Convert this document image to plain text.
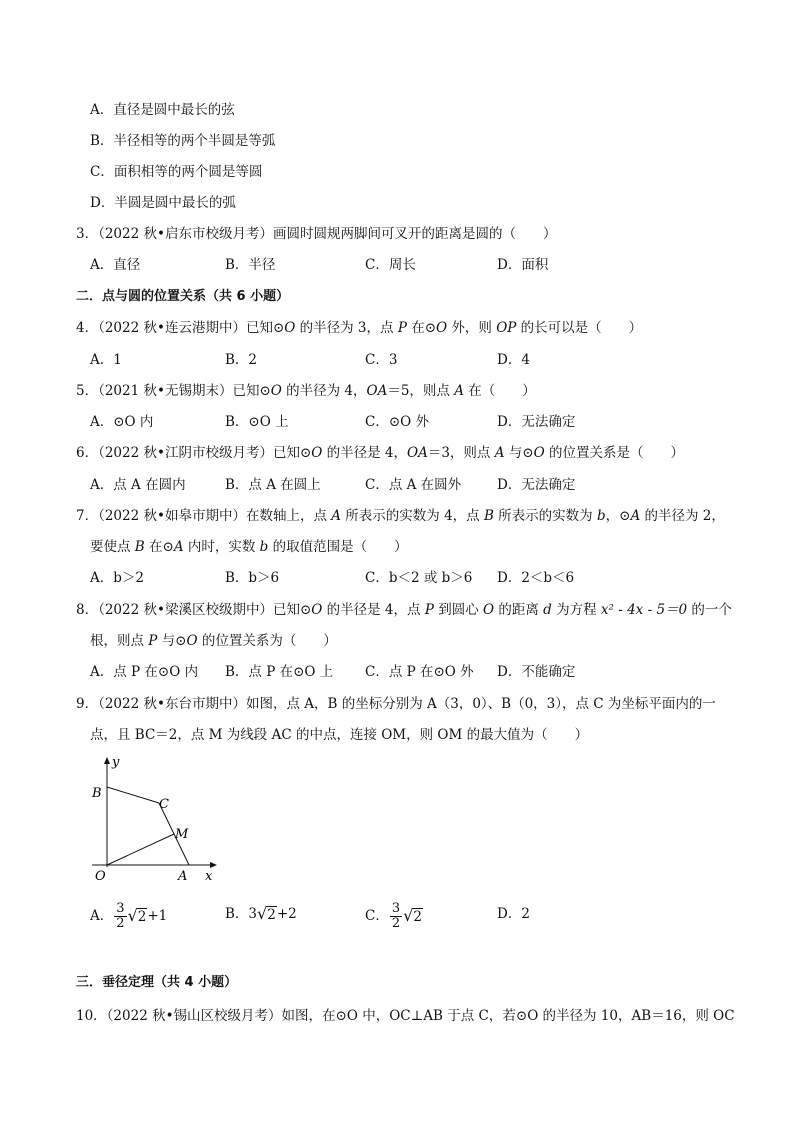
A．直径是圆中最长的弦
B．半径相等的两个半圆是等弧
C．面积相等的两个圆是等圆
D．半圆是圆中最长的弧
3．（2022 秋•启东市校级月考）画圆时圆规两脚间可叉开的距离是圆的（　　）
A．直径	B．半径	C．周长	D．面积
二．点与圆的位置关系（共 6 小题）
4．（2022 秋•连云港期中）已知⊙O 的半径为 3，点 P 在⊙O 外，则 OP 的长可以是（　　）
A．1	B．2	C．3	D．4
5．（2021 秋•无锡期末）已知⊙O 的半径为 4，OA＝5，则点 A 在（　　）
A．⊙O 内	B．⊙O 上	C．⊙O 外	D．无法确定
6．（2022 秋•江阴市校级月考）已知⊙O 的半径是 4，OA＝3，则点 A 与⊙O 的位置关系是（　　）
A．点 A 在圆内	B．点 A 在圆上	C．点 A 在圆外	D．无法确定
7．（2022 秋•如皋市期中）在数轴上，点 A 所表示的实数为 4，点 B 所表示的实数为 b，⊙A 的半径为 2，
要使点 B 在⊙A 内时，实数 b 的取值范围是（　　）
A．b＞2	B．b＞6	C．b＜2 或 b＞6 D．2＜b＜6
8．（2022 秋•梁溪区校级期中）已知⊙O 的半径是 4，点 P 到圆心 O 的距离 d 为方程 x² - 4x - 5＝0 的一个
根，则点 P 与⊙O 的位置关系为（　　）
A．点 P 在⊙O 内 B．点 P 在⊙O 上 C．点 P 在⊙O 外 D．不能确定
9．（2022 秋•东台市期中）如图，点 A，B 的坐标分别为 A（3，0）、B（0，3），点 C 为坐标平面内的一
点，且 BC＝2，点 M 为线段 AC 的中点，连接 OM，则 OM 的最大值为（　　）
y
x
B
C
M
O	A
A． $\frac{3}{2} √2+1$	B．3√2+2	C． $\frac{3}{2} √2$	D．2
三．垂径定理（共 4 小题）
10．（2022 秋•锡山区校级月考）如图，在⊙O 中，OC⊥AB 于点 C，若⊙O 的半径为 10，AB＝16，则 OC
